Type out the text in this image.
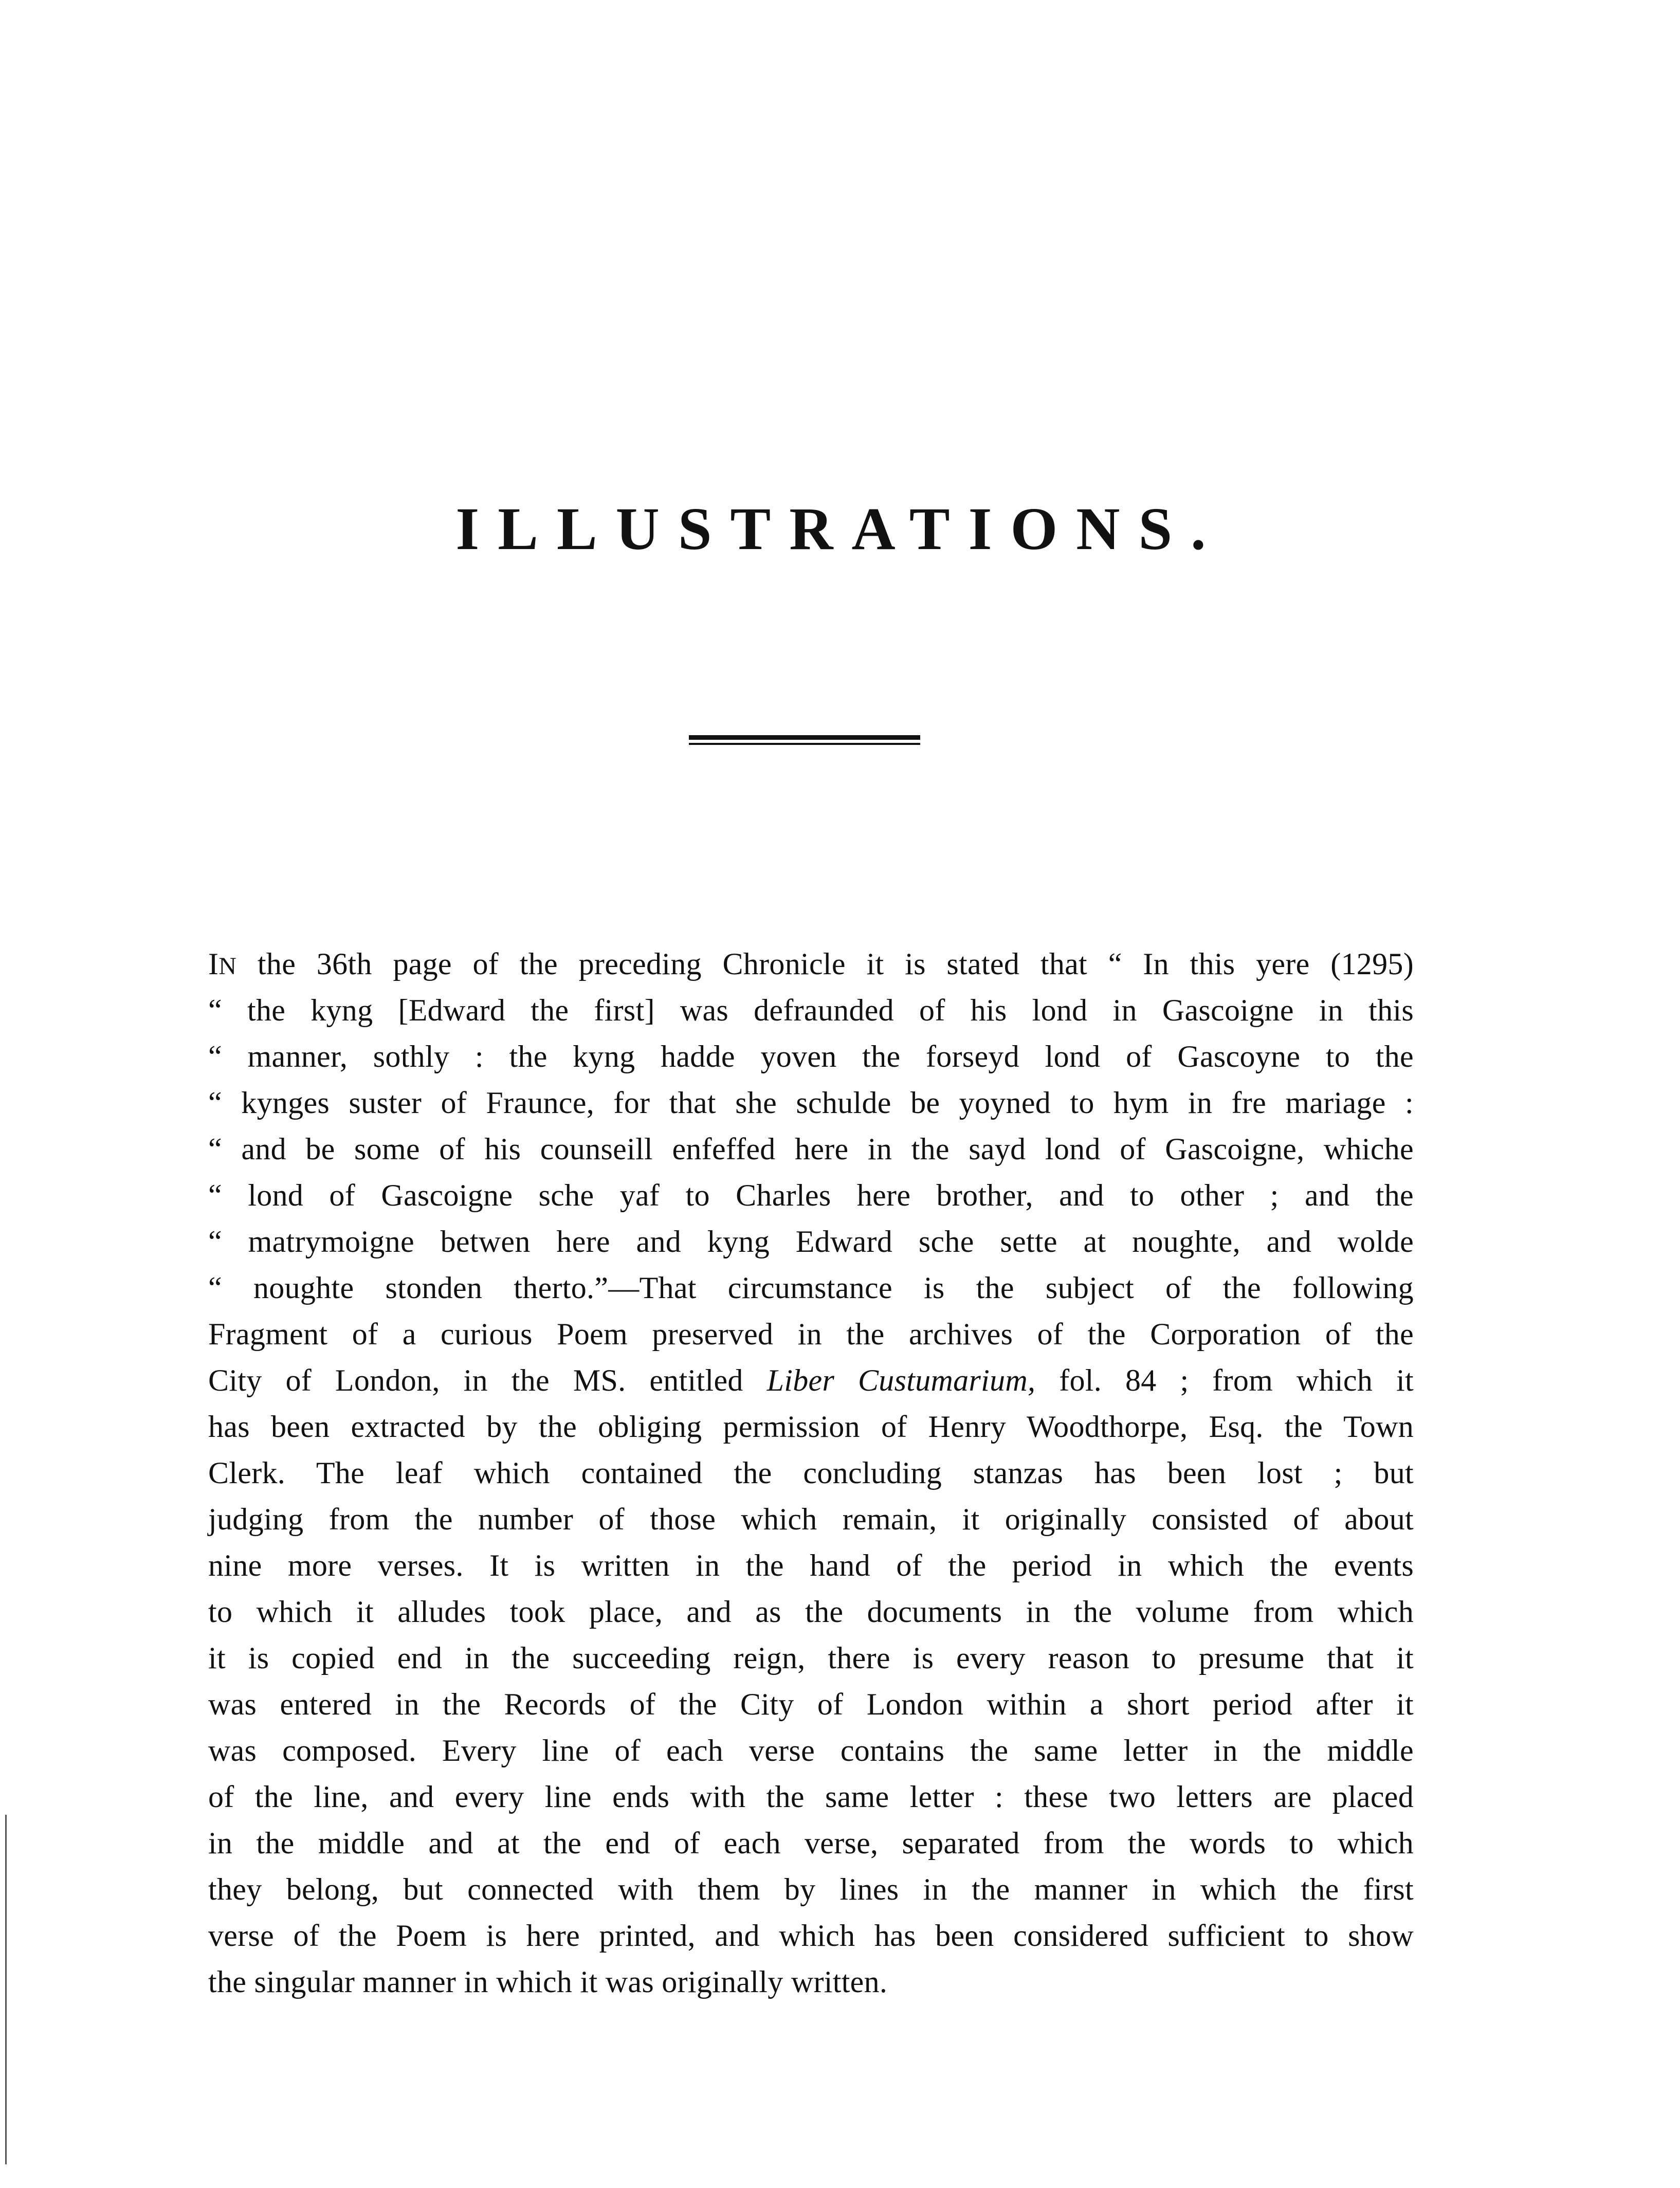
ILLUSTRATIONS.
IN the 36th page of the preceding Chronicle it is stated that “ In this yere (1295)
“ the kyng [Edward the first] was defraunded of his lond in Gascoigne in this
“ manner, sothly : the kyng hadde yoven the forseyd lond of Gascoyne to the
“ kynges suster of Fraunce, for that she schulde be yoyned to hym in fre mariage :
“ and be some of his counseill enfeffed here in the sayd lond of Gascoigne, whiche
“ lond of Gascoigne sche yaf to Charles here brother, and to other ; and the
“ matrymoigne betwen here and kyng Edward sche sette at noughte, and wolde
“ noughte stonden therto.”—That circumstance is the subject of the following
Fragment of a curious Poem preserved in the archives of the Corporation of the
City of London, in the MS. entitled Liber Custumarium, fol. 84 ; from which it
has been extracted by the obliging permission of Henry Woodthorpe, Esq. the Town
Clerk. The leaf which contained the concluding stanzas has been lost ; but
judging from the number of those which remain, it originally consisted of about
nine more verses. It is written in the hand of the period in which the events
to which it alludes took place, and as the documents in the volume from which
it is copied end in the succeeding reign, there is every reason to presume that it
was entered in the Records of the City of London within a short period after it
was composed. Every line of each verse contains the same letter in the middle
of the line, and every line ends with the same letter : these two letters are placed
in the middle and at the end of each verse, separated from the words to which
they belong, but connected with them by lines in the manner in which the first
verse of the Poem is here printed, and which has been considered sufficient to show
the singular manner in which it was originally written.
